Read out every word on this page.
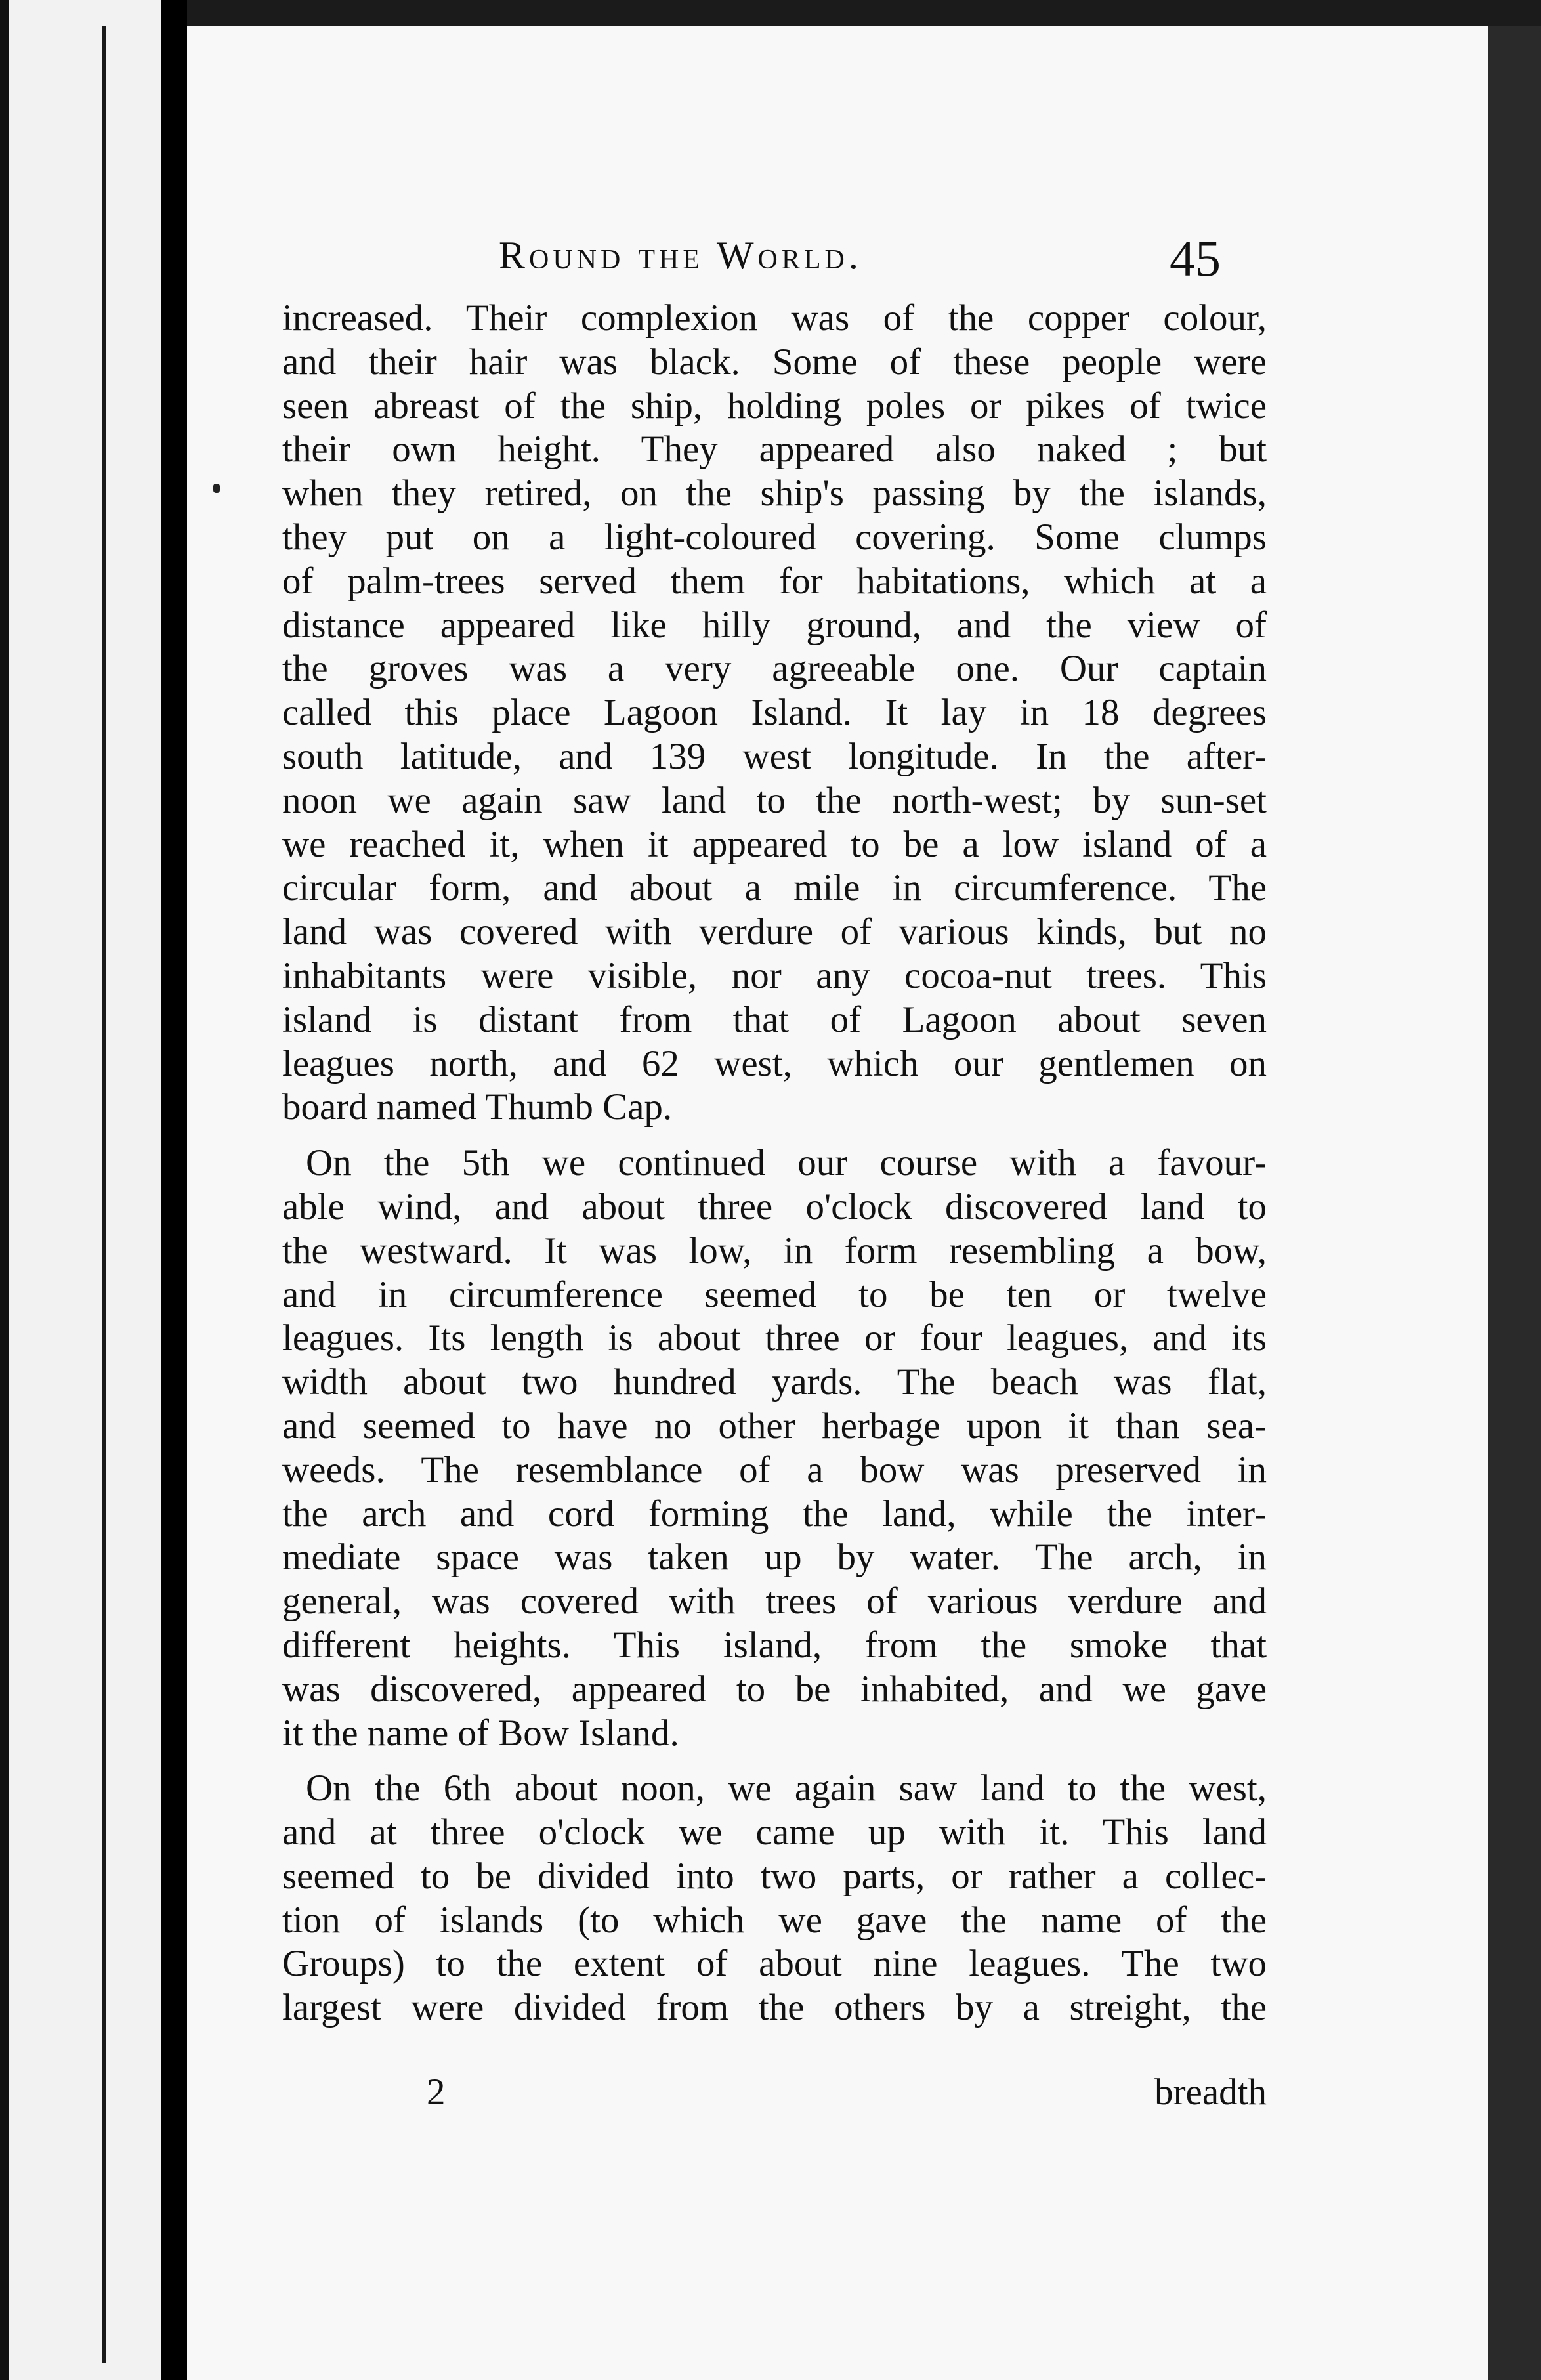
Round the World.	45
increased. Their complexion was of the copper colour,
and their hair was black. Some of these people were
seen abreast of the ship, holding poles or pikes of twice
their own height. They appeared also naked ; but
when they retired, on the ship's passing by the islands,
they put on a light-coloured covering. Some clumps
of palm-trees served them for habitations, which at a
distance appeared like hilly ground, and the view of
the groves was a very agreeable one. Our captain
called this place Lagoon Island. It lay in 18 degrees
south latitude, and 139 west longitude. In the after-
noon we again saw land to the north-west; by sun-set
we reached it, when it appeared to be a low island of a
circular form, and about a mile in circumference. The
land was covered with verdure of various kinds, but no
inhabitants were visible, nor any cocoa-nut trees. This
island is distant from that of Lagoon about seven
leagues north, and 62 west, which our gentlemen on
board named Thumb Cap.
On the 5th we continued our course with a favour-
able wind, and about three o'clock discovered land to
the westward. It was low, in form resembling a bow,
and in circumference seemed to be ten or twelve
leagues. Its length is about three or four leagues, and its
width about two hundred yards. The beach was flat,
and seemed to have no other herbage upon it than sea-
weeds. The resemblance of a bow was preserved in
the arch and cord forming the land, while the inter-
mediate space was taken up by water. The arch, in
general, was covered with trees of various verdure and
different heights. This island, from the smoke that
was discovered, appeared to be inhabited, and we gave
it the name of Bow Island.
On the 6th about noon, we again saw land to the west,
and at three o'clock we came up with it. This land
seemed to be divided into two parts, or rather a collec-
tion of islands (to which we gave the name of the
Groups) to the extent of about nine leagues. The two
largest were divided from the others by a streight, the
2	breadth
